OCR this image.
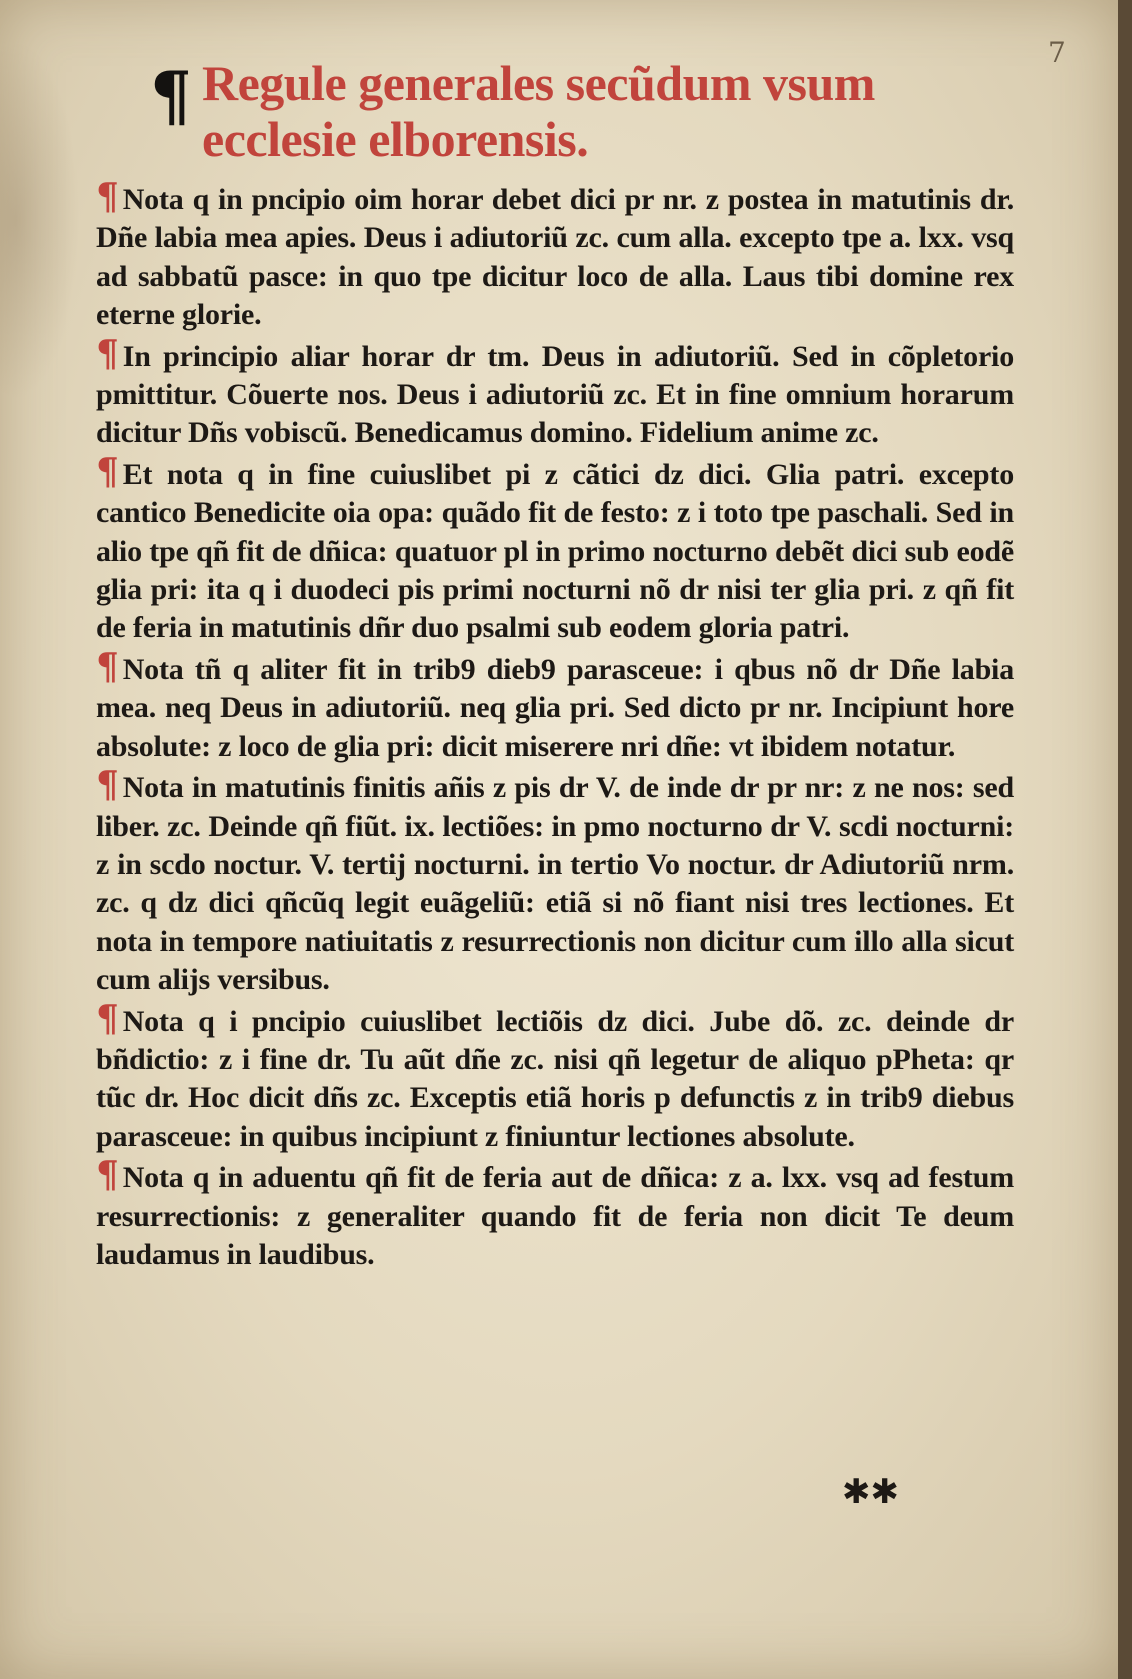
7
¶ Regule generales secũdum vsum ecclesie elborensis.

¶ Nota q in pncipio oim horar debet dici pr nr. z postea in matutinis dr. Dñe labia mea apies. Deus i adiutoriũ zc. cum alla. excepto tpe a. lxx. vsq ad sabbatũ pasce: in quo tpe dicitur loco de alla. Laus tibi domine rex eterne glorie.

¶ In principio aliar horar dr tm. Deus in adiutoriũ. Sed in cõpletorio pmittitur. Cõuerte nos. Deus i adiutoriũ zc. Et in fine omnium horarum dicitur Dñs vobiscũ. Benedicamus domino. Fidelium anime zc.

¶ Et nota q in fine cuiuslibet pi z cãtici dz dici. Glia patri. excepto cantico Benedicite oia opa: quãdo fit de festo: z i toto tpe paschali. Sed in alio tpe qñ fit de dñica: quatuor pl in primo nocturno debẽt dici sub eodẽ glia pri: ita q i duodeci pis primi nocturni nõ dr nisi ter glia pri. z qñ fit de feria in matutinis dñr duo psalmi sub eodem gloria patri.

¶ Nota tñ q aliter fit in trib9 dieb9 parasceue: i qbus nõ dr Dñe labia mea. neq Deus in adiutoriũ. neq glia pri. Sed dicto pr nr. Incipiunt hore absolute: z loco de glia pri: dicit miserere nri dñe: vt ibidem notatur.

¶ Nota in matutinis finitis añis z pis dr V. de inde dr pr nr: z ne nos: sed liber. zc. Deinde qñ fiũt. ix. lectiões: in pmo nocturno dr V. scdi nocturni: z in scdo noctur. V. tertij nocturni. in tertio Vo noctur. dr Adiutoriũ nrm. zc. q dz dici qñcũq legit euãgeliũ: etiã si nõ fiant nisi tres lectiones. Et nota in tempore natiuitatis z resurrectionis non dicitur cum illo alla sicut cum alijs versibus.

¶ Nota q i pncipio cuiuslibet lectiõis dz dici. Jube dõ. zc. deinde dr bñdictio: z i fine dr. Tu aũt dñe zc. nisi qñ legetur de aliquo pPheta: qr tũc dr. Hoc dicit dñs zc. Exceptis etiã horis p defunctis z in trib9 diebus parasceue: in quibus incipiunt z finiuntur lectiones absolute.

¶ Nota q in aduentu qñ fit de feria aut de dñica: z a. lxx. vsq ad festum resurrectionis: z generaliter quando fit de feria non dicit Te deum laudamus in laudibus.

✱✱
